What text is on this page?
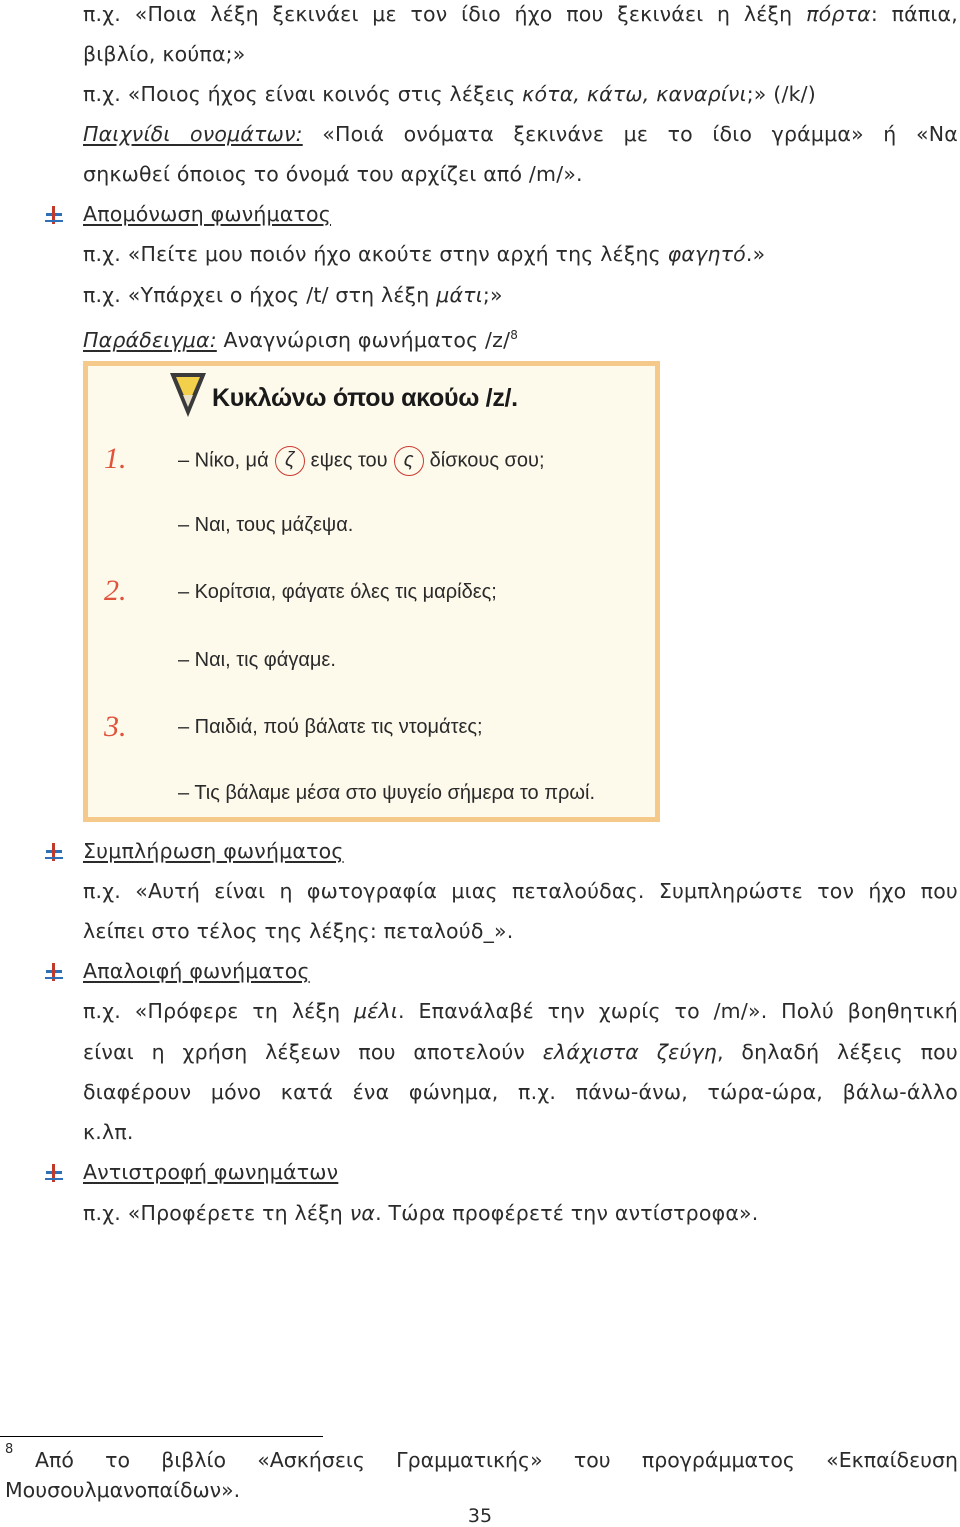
π.χ. «Ποια λέξη ξεκινάει με τον ίδιο ήχο που ξεκινάει η λέξη πόρτα: πάπια,
βιβλίο, κούπα;»
π.χ. «Ποιος ήχος είναι κοινός στις λέξεις κότα, κάτω, καναρίνι;» (/k/)
Παιχνίδι ονομάτων: «Ποιά ονόματα ξεκινάνε με το ίδιο γράμμα» ή «Να
σηκωθεί όποιος το όνομά του αρχίζει από /m/».
Απομόνωση φωνήματος
π.χ. «Πείτε μου ποιόν ήχο ακούτε στην αρχή της λέξης φαγητό.»
π.χ. «Υπάρχει ο ήχος /t/ στη λέξη μάτι;»
Παράδειγμα: Αναγνώριση φωνήματος /z/$^8$
Κυκλώνω όπου ακούω /z/.
1.	– Νίκο, μά ζ εψες του ς δίσκους σου;
– Ναι, τους μάζεψα.
2.	– Κορίτσια, φάγατε όλες τις μαρίδες;
– Ναι, τις φάγαμε.
3.	– Παιδιά, πού βάλατε τις ντομάτες;
– Τις βάλαμε μέσα στο ψυγείο σήμερα το πρωί.
Συμπλήρωση φωνήματος
π.χ. «Αυτή είναι η φωτογραφία μιας πεταλούδας. Συμπληρώστε τον ήχο που
λείπει στο τέλος της λέξης: πεταλούδ_».
Απαλοιφή φωνήματος
π.χ. «Πρόφερε τη λέξη μέλι. Επανάλαβέ την χωρίς το /m/». Πολύ βοηθητική
είναι η χρήση λέξεων που αποτελούν ελάχιστα ζεύγη, δηλαδή λέξεις που
διαφέρουν μόνο κατά ένα φώνημα, π.χ. πάνω-άνω, τώρα-ώρα, βάλω-άλλο
κ.λπ.
Αντιστροφή φωνημάτων
π.χ. «Προφέρετε τη λέξη να. Τώρα προφέρετέ την αντίστροφα».
8 Από το βιβλίο «Ασκήσεις Γραμματικής» του προγράμματος «Εκπαίδευση
Μουσουλμανοπαίδων».
35
